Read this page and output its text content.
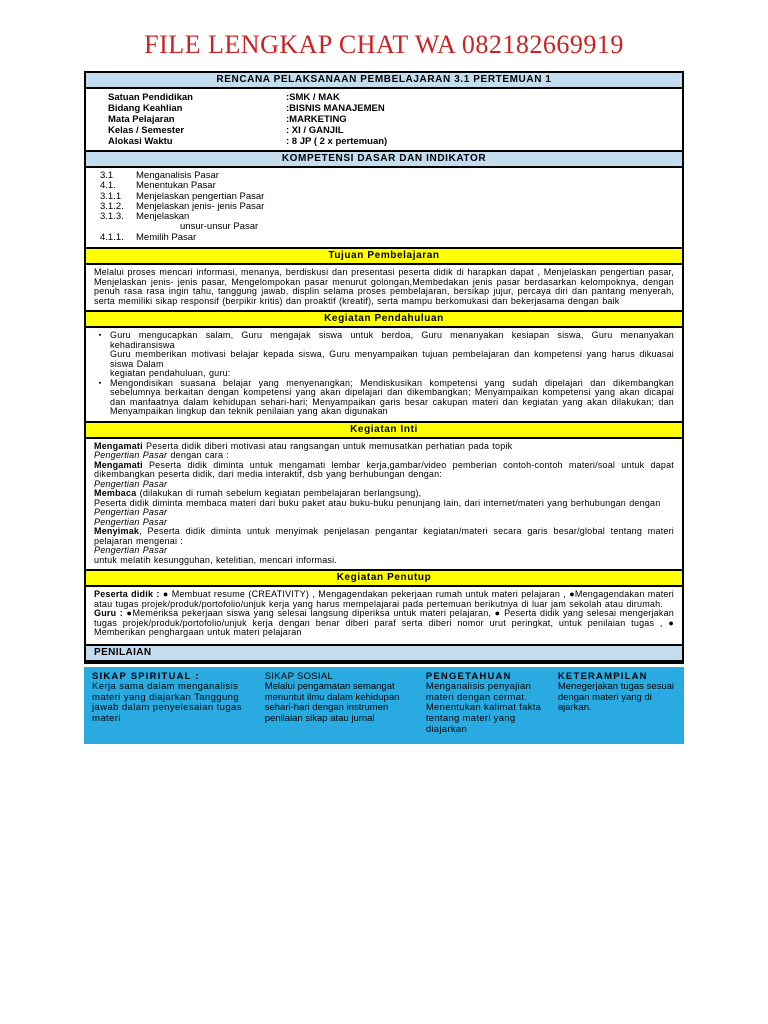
FILE LENGKAP CHAT WA 082182669919
RENCANA PELAKSANAAN PEMBELAJARAN 3.1 PERTEMUAN 1
Satuan Pendidikan	:SMK / MAK
Bidang Keahlian	:BISNIS MANAJEMEN
Mata Pelajaran	:MARKETING
Kelas / Semester	: XI / GANJIL
Alokasi Waktu	: 8 JP ( 2 x pertemuan)
KOMPETENSI DASAR DAN INDIKATOR
3.1	Menganalisis Pasar
4.1.	Menentukan Pasar
3.1.1	Menjelaskan pengertian Pasar
3.1.2.	Menjelaskan jenis- jenis Pasar
3.1.3.	Menjelaskan
unsur-unsur Pasar
4.1.1.	Memilih Pasar
Tujuan Pembelajaran
Melalui proses mencari informasi, menanya, berdiskusi dan presentasi peserta didik di harapkan dapat , Menjelaskan pengertian pasar, Menjelaskan jenis- jenis pasar, Mengelompokan pasar menurut golongan,Membedakan jenis pasar berdasarkan kelompoknya, dengan penuh rasa rasa ingin tahu, tanggung jawab, displin selama proses pembelajaran, bersikap jujur, percaya diri dan pantang menyerah, serta memiliki sikap responsif (berpikir kritis) dan proaktif (kreatif), serta mampu berkomukasi dan bekerjasama dengan baik
Kegiatan Pendahuluan
▪ Guru mengucapkan salam, Guru mengajak siswa untuk berdoa, Guru menanyakan kesiapan siswa, Guru menanyakan kehadiransiswa
Guru memberikan motivasi belajar kepada siswa, Guru menyampaikan tujuan pembelajaran dan kompetensi yang harus dikuasai siswa Dalam
kegiatan pendahuluan, guru:
▪ Mengondisikan suasana belajar yang menyenangkan; Mendiskusikan kompetensi yang sudah dipelajari dan dikembangkan sebelumnya berkaitan dengan kompetensi yang akan dipelajari dan dikembangkan; Menyampaikan kompetensi yang akan dicapai dan manfaatnya dalam kehidupan sehari-hari; Menyampaikan garis besar cakupan materi dan kegiatan yang akan dilakukan; dan Menyampaikan lingkup dan teknik penilaian yang akan digunakan
Kegiatan Inti
Mengamati Peserta didik diberi motivasi atau rangsangan untuk memusatkan perhatian pada topik
Pengertian Pasar dengan cara :
Mengamati Peserta didik diminta untuk mengamati lembar kerja,gambar/video pemberian contoh-contoh materi/soal untuk dapat dikembangkan peserta didik, dari media interaktif, dsb yang berhubungan dengan:
Pengertian Pasar
Membaca (dilakukan di rumah sebelum kegiatan pembelajaran berlangsung),
Peserta didik diminta membaca materi dari buku paket atau buku-buku penunjang lain, dari internet/materi yang berhubungan dengan
Pengertian Pasar
Pengertian Pasar
Menyimak, Peserta didik diminta untuk menyimak penjelasan pengantar kegiatan/materi secara garis besar/global tentang materi pelajaran mengenai :
Pengertian Pasar
untuk melatih kesungguhan, ketelitian, mencari informasi.
Kegiatan Penutup
Peserta didik : ● Membuat resume (CREATIVITY) , Mengagendakan pekerjaan rumah untuk materi pelajaran , ●Mengagendakan materi atau tugas projek/produk/portofolio/unjuk kerja yang harus mempelajarai pada pertemuan berikutnya di luar jam sekolah atau dirumah.
Guru : ●Memeriksa pekerjaan siswa yang selesai langsung diperiksa untuk materi pelajaran, ● Peserta didik yang selesai mengerjakan tugas projek/produk/portofolio/unjuk kerja dengan benar diberi paraf serta diberi nomor urut peringkat, untuk penilaian tugas , ● Memberikan penghargaan untuk materi pelajaran
PENILAIAN
SIKAP SPIRITUAL :
Kerja sama dalam menganalisis materi yang diajarkan Tanggung jawab dalam penyelesaian tugas materi
SIKAP SOSIAL
Melalui pengamatan semangat menuntut ilmu dalam kehidupan sehari-hari dengan instrumen penilaian sikap atau jurnal
PENGETAHUAN
Menganalisis penyajian materi dengan cermat. Menentukan kalimat fakta tentang materi yang diajarkan
KETERAMPILAN
Menegerjakan tugas sesuai dengan materi yang di ajarkan.
